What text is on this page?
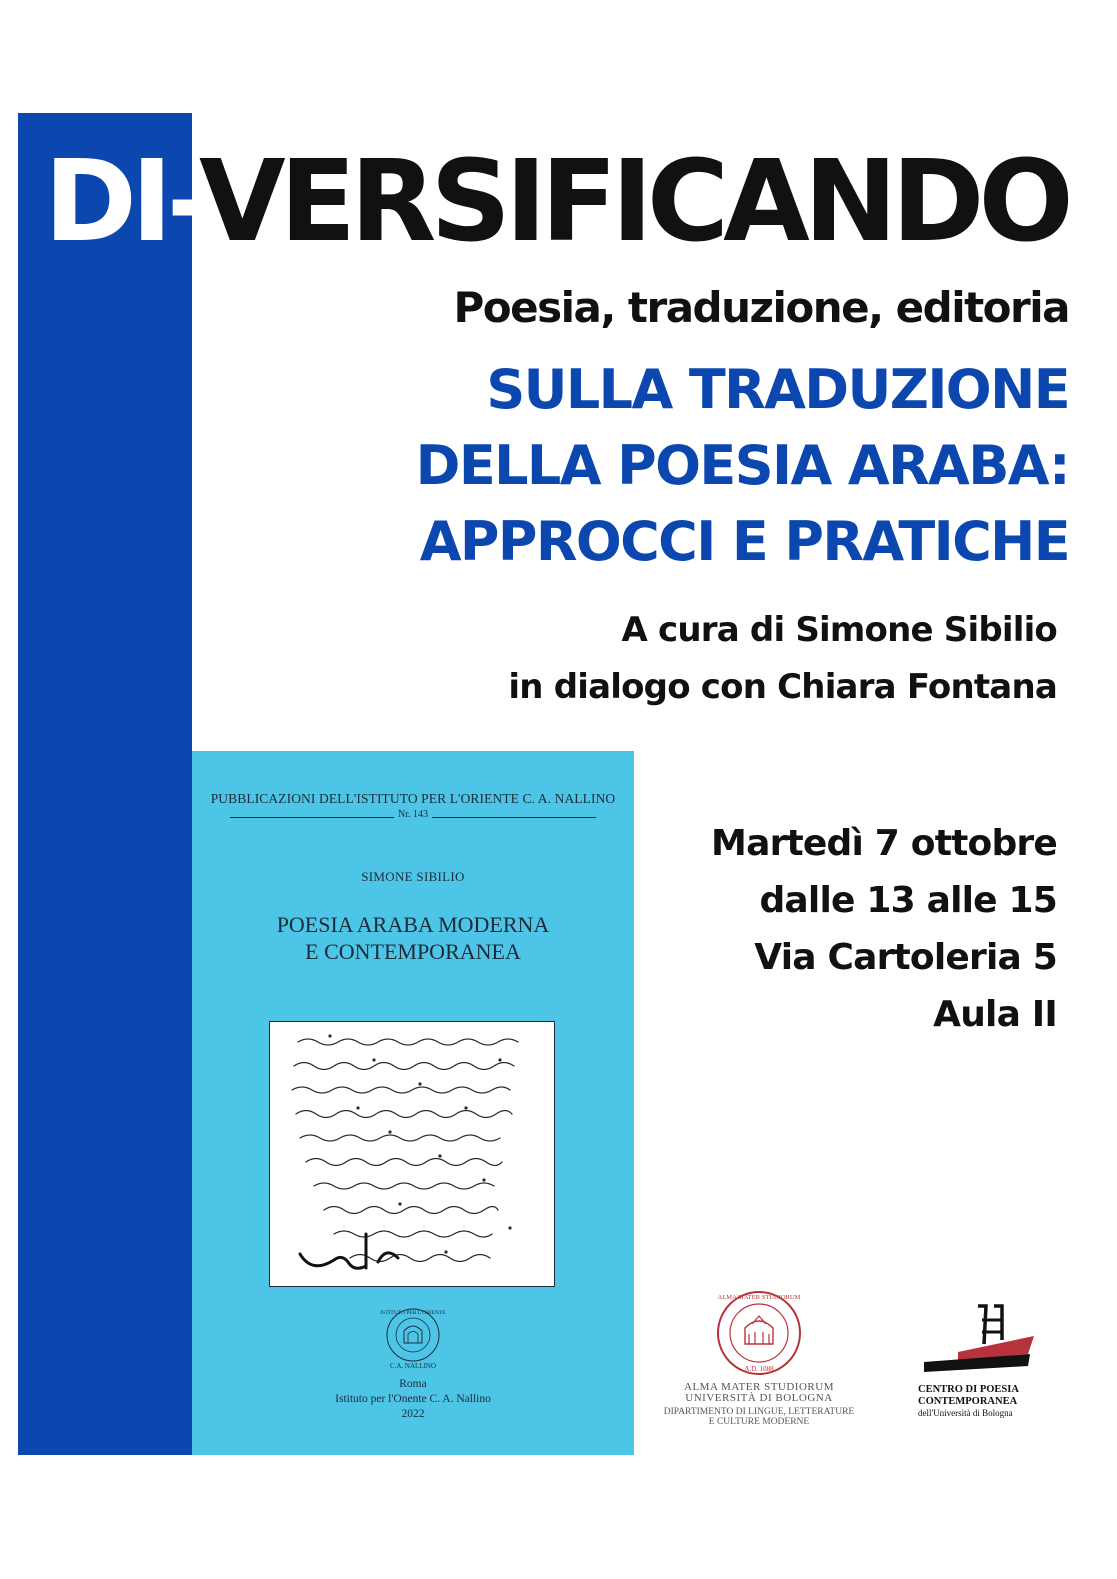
DI-VERSIFICANDO
Poesia, traduzione, editoria
SULLA TRADUZIONE
DELLA POESIA ARABA:
APPROCCI E PRATICHE
A cura di Simone Sibilio
in dialogo con Chiara Fontana
Martedì 7 ottobre
dalle 13 alle 15
Via Cartoleria 5
Aula II
PUBBLICAZIONI DELL'ISTITUTO PER L'ORIENTE C. A. NALLINO
Nr. 143
SIMONE SIBILIO
POESIA ARABA MODERNA
E CONTEMPORANEA
C.A. NALLINO
ISTITUTO PER L'ORIENTE
Roma
Istituto per l'Onente C. A. Nallino
2022
ALMA MATER STUDIORUM
A.D. 1088
ALMA MATER STUDIORUM
UNIVERSITÀ DI BOLOGNA
DIPARTIMENTO DI LINGUE, LETTERATURE
E CULTURE MODERNE
CENTRO DI POESIA
CONTEMPORANEA
dell'Università di Bologna
